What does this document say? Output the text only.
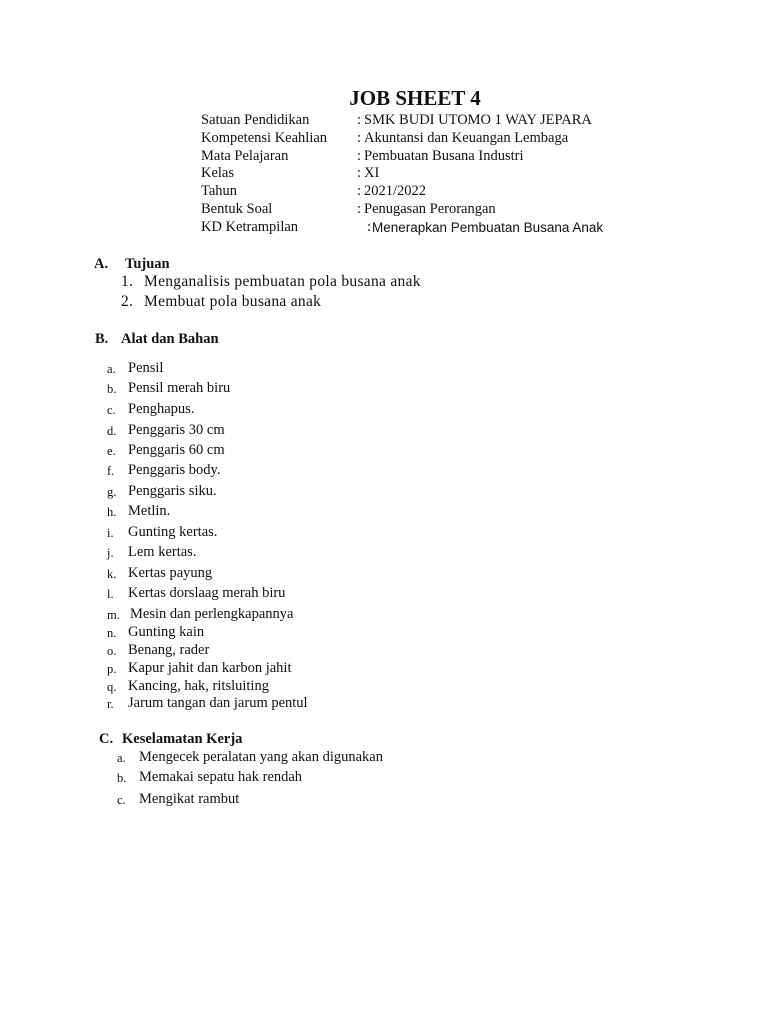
JOB SHEET 4
Satuan Pendidikan	: SMK BUDI UTOMO 1 WAY JEPARA
Kompetensi Keahlian : Akuntansi dan Keuangan Lembaga
Mata Pelajaran	: Pembuatan Busana Industri
Kelas	: XI
Tahun	: 2021/2022
Bentuk Soal	: Penugasan Perorangan
KD Ketrampilan	: Menerapkan Pembuatan Busana Anak
A. Tujuan
1. Menganalisis pembuatan pola busana anak
2. Membuat pola busana anak
B. Alat dan Bahan
a. Pensil
b. Pensil merah biru
c. Penghapus.
d. Penggaris 30 cm
e. Penggaris 60 cm
f. Penggaris body.
g. Penggaris siku.
h. Metlin.
i. Gunting kertas.
j. Lem kertas.
k. Kertas payung
l. Kertas dorslaag merah biru
m. Mesin dan perlengkapannya
n. Gunting kain
o. Benang, rader
p. Kapur jahit dan karbon jahit
q. Kancing, hak, ritsluiting
r. Jarum tangan dan jarum pentul
C. Keselamatan Kerja
a. Mengecek peralatan yang akan digunakan
b. Memakai sepatu hak rendah
c. Mengikat rambut
